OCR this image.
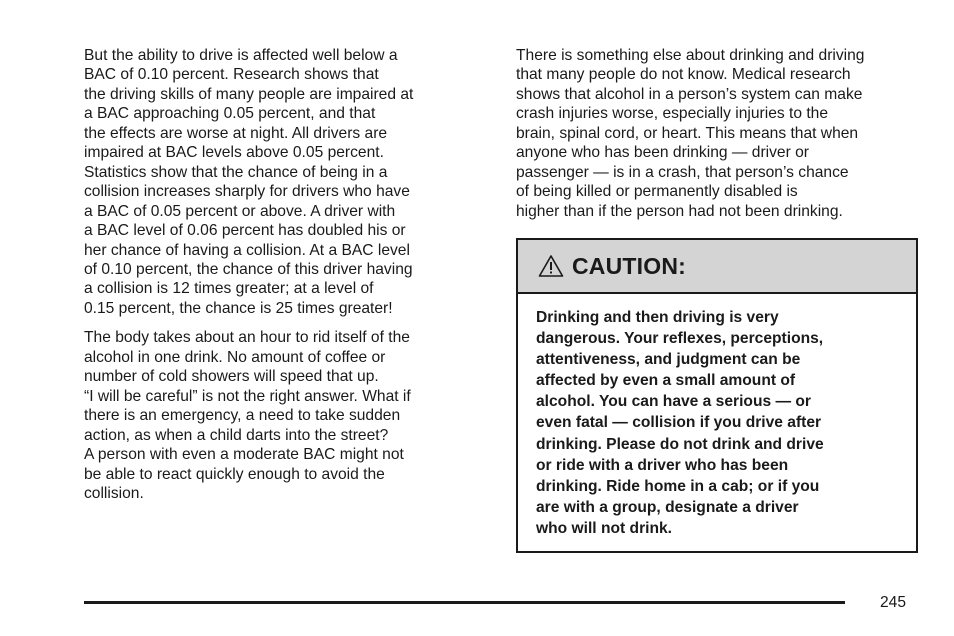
But the ability to drive is affected well below a
BAC of 0.10 percent. Research shows that
the driving skills of many people are impaired at
a BAC approaching 0.05 percent, and that
the effects are worse at night. All drivers are
impaired at BAC levels above 0.05 percent.
Statistics show that the chance of being in a
collision increases sharply for drivers who have
a BAC of 0.05 percent or above. A driver with
a BAC level of 0.06 percent has doubled his or
her chance of having a collision. At a BAC level
of 0.10 percent, the chance of this driver having
a collision is 12 times greater; at a level of
0.15 percent, the chance is 25 times greater!

The body takes about an hour to rid itself of the
alcohol in one drink. No amount of coffee or
number of cold showers will speed that up.
“I will be careful” is not the right answer. What if
there is an emergency, a need to take sudden
action, as when a child darts into the street?
A person with even a moderate BAC might not
be able to react quickly enough to avoid the
collision.

There is something else about drinking and driving
that many people do not know. Medical research
shows that alcohol in a person’s system can make
crash injuries worse, especially injuries to the
brain, spinal cord, or heart. This means that when
anyone who has been drinking — driver or
passenger — is in a crash, that person’s chance
of being killed or permanently disabled is
higher than if the person had not been drinking.

CAUTION:

Drinking and then driving is very
dangerous. Your reflexes, perceptions,
attentiveness, and judgment can be
affected by even a small amount of
alcohol. You can have a serious — or
even fatal — collision if you drive after
drinking. Please do not drink and drive
or ride with a driver who has been
drinking. Ride home in a cab; or if you
are with a group, designate a driver
who will not drink.

245
